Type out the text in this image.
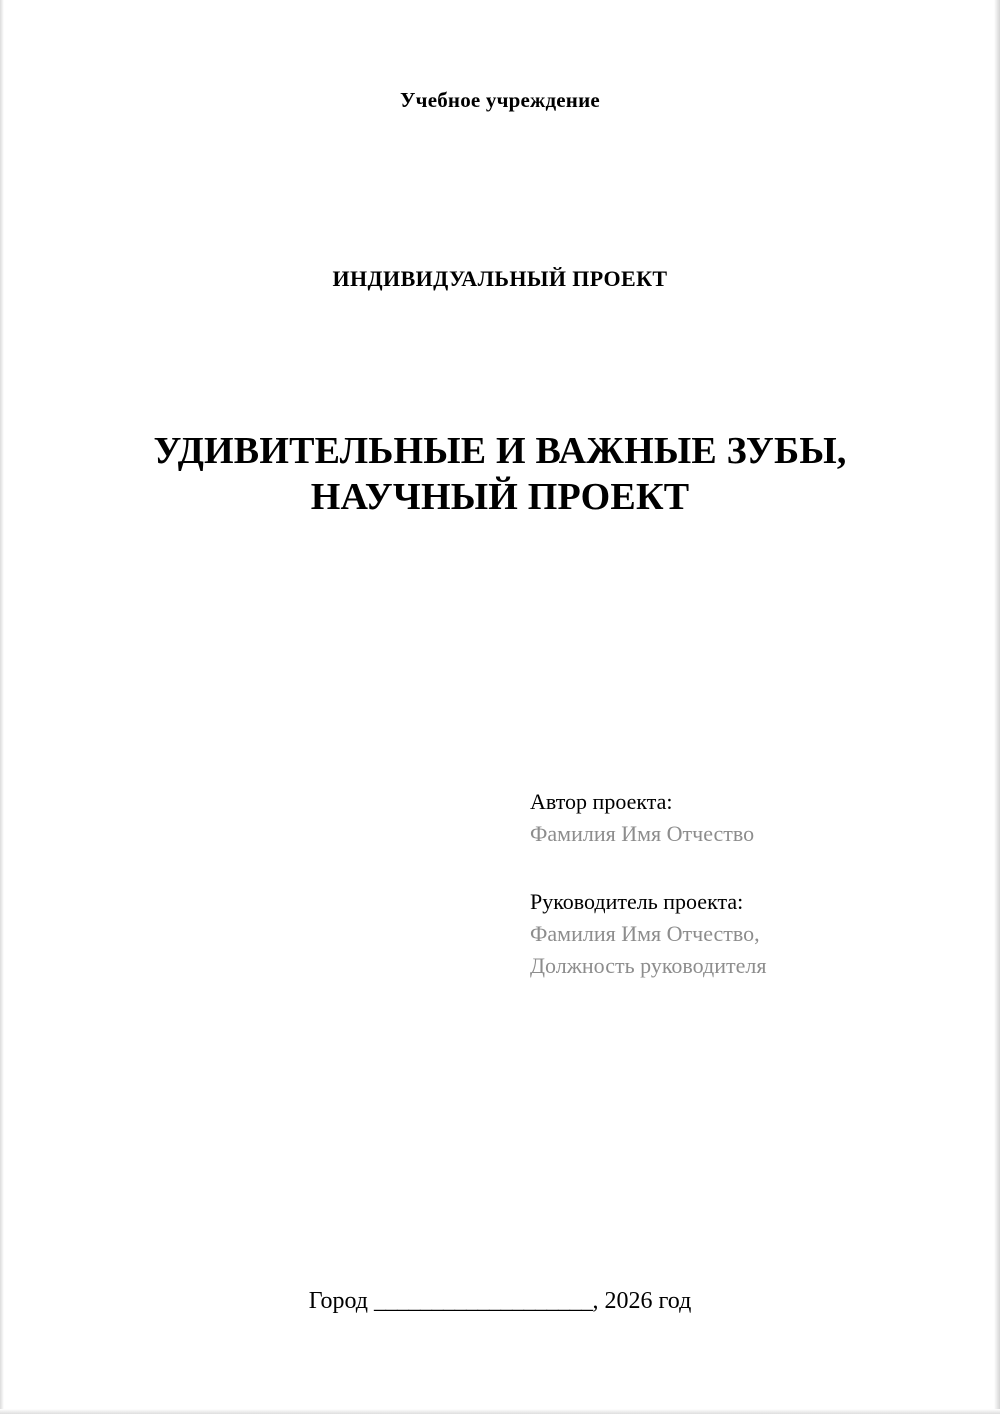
Учебное учреждение
ИНДИВИДУАЛЬНЫЙ ПРОЕКТ
УДИВИТЕЛЬНЫЕ И ВАЖНЫЕ ЗУБЫ,
НАУЧНЫЙ ПРОЕКТ

Автор проекта:

Фамилия Имя Отчество

Руководитель проекта:

Фамилия Имя Отчество,

Должность руководителя

Город ___________________, 2026 год
